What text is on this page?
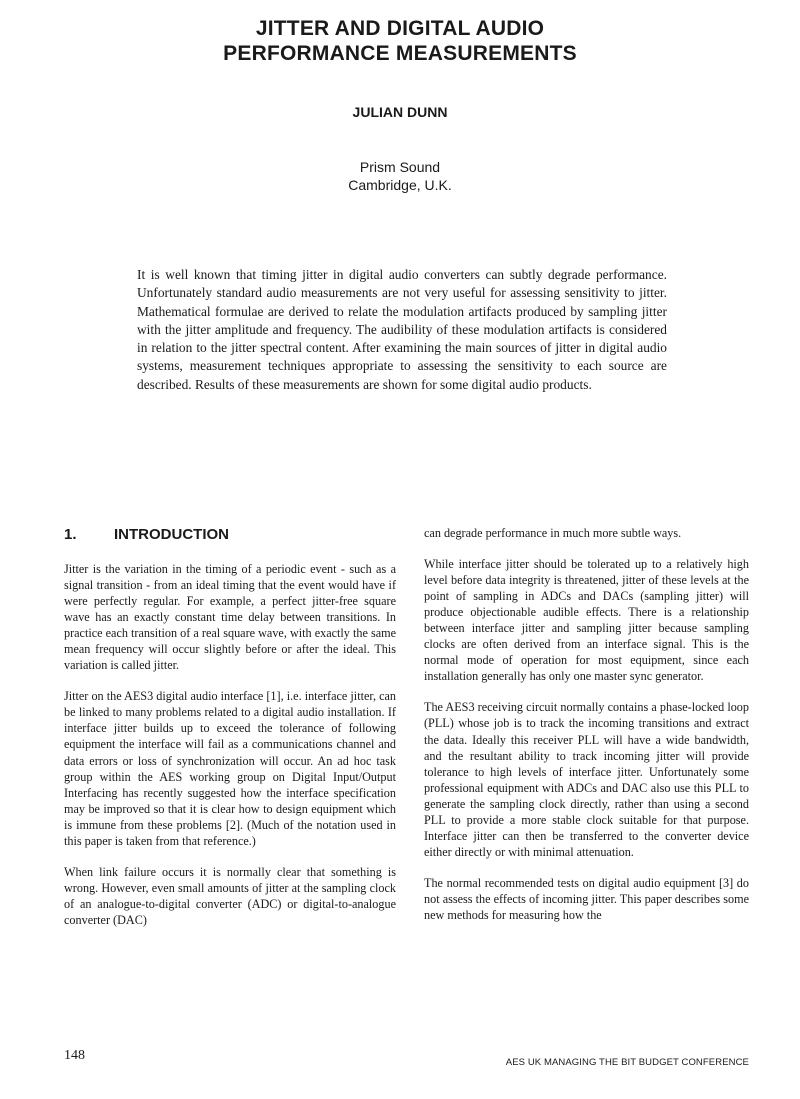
JITTER AND DIGITAL AUDIO
PERFORMANCE MEASUREMENTS
JULIAN DUNN
Prism Sound
Cambridge, U.K.

It is well known that timing jitter in digital audio converters can subtly degrade performance. Unfortunately standard audio measurements are not very useful for assessing sensitivity to jitter. Mathematical formulae are derived to relate the modulation artifacts produced by sampling jitter with the jitter amplitude and frequency. The audibility of these modulation artifacts is considered in relation to the jitter spectral content. After examining the main sources of jitter in digital audio systems, measurement techniques appropriate to assessing the sensitivity to each source are described. Results of these measurements are shown for some digital audio products.

1.	INTRODUCTION

Jitter is the variation in the timing of a periodic event - such as a signal transition - from an ideal timing that the event would have if were perfectly regular. For example, a perfect jitter-free square wave has an exactly constant time delay between transitions. In practice each transition of a real square wave, with exactly the same mean frequency will occur slightly before or after the ideal. This variation is called jitter.

Jitter on the AES3 digital audio interface [1], i.e. interface jitter, can be linked to many problems related to a digital audio installation. If interface jitter builds up to exceed the tolerance of following equipment the interface will fail as a communications channel and data errors or loss of synchronization will occur. An ad hoc task group within the AES working group on Digital Input/Output Interfacing has recently suggested how the interface specification may be improved so that it is clear how to design equipment which is immune from these problems [2]. (Much of the notation used in this paper is taken from that reference.)

When link failure occurs it is normally clear that something is wrong. However, even small amounts of jitter at the sampling clock of an analogue-to-digital converter (ADC) or digital-to-analogue converter (DAC)

can degrade performance in much more subtle ways.

While interface jitter should be tolerated up to a relatively high level before data integrity is threatened, jitter of these levels at the point of sampling in ADCs and DACs (sampling jitter) will produce objectionable audible effects. There is a relationship between interface jitter and sampling jitter because sampling clocks are often derived from an interface signal. This is the normal mode of operation for most equipment, since each installation generally has only one master sync generator.

The AES3 receiving circuit normally contains a phase-locked loop (PLL) whose job is to track the incoming transitions and extract the data. Ideally this receiver PLL will have a wide bandwidth, and the resultant ability to track incoming jitter will provide tolerance to high levels of interface jitter. Unfortunately some professional equipment with ADCs and DAC also use this PLL to generate the sampling clock directly, rather than using a second PLL to provide a more stable clock suitable for that purpose. Interface jitter can then be transferred to the converter device either directly or with minimal attenuation.

The normal recommended tests on digital audio equipment [3] do not assess the effects of incoming jitter. This paper describes some new methods for measuring how the

148	AES UK MANAGING THE BIT BUDGET CONFERENCE
